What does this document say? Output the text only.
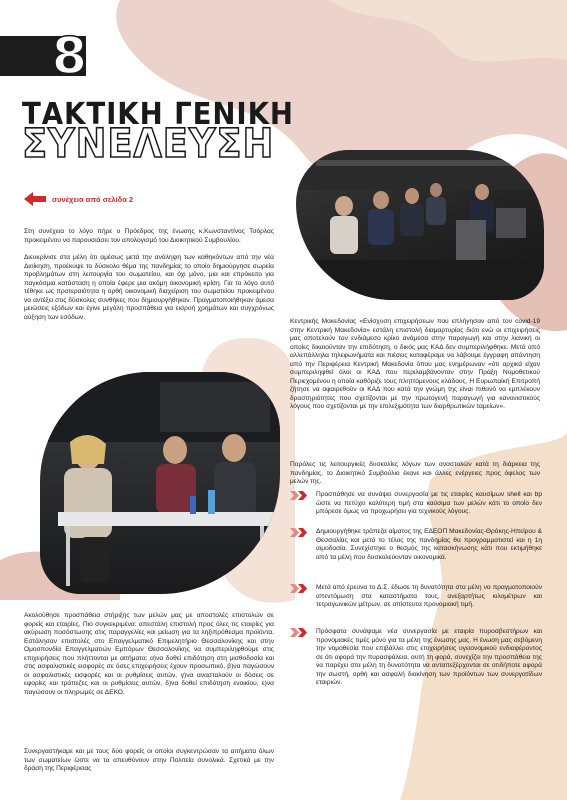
8
ΤΑΚΤΙΚΗ ΓΕΝΙΚΗ
ΣΥΝΕΛΕΥΣΗ
συνέχεια από σελίδα 2
Στη συνέχεια το λόγο πήρε ο Πρόεδρος της ένωσης κ.Κωνσταντίνος Τσόρλας προκειμένου να παρουσιάσει τον απολογισμό του Διοικητικού Συμβουλίου.
Διευκρίνισε στα μέλη ότι αμέσως μετά την ανάληψη των καθηκόντων από την νέα Διοίκηση, προέκυψε το δύσκολο θέμα της πανδημίας το οποίο δημιούργησε σωρεία προβλημάτων στη λειτουργία του σωματείου, και όχι μόνο, μια και επρόκειτο για παγκόσμια κατάσταση η οποία έφερε μια ακόμη οικονομική κρίση. Για το λόγο αυτό τέθηκε ως προτεραιότητα η ορθή οικονομική διαχείριση του σωματείου προκειμένου να αντέξει στις δύσκολες συνθήκες που δημιουργήθηκαν. Πραγματοποιήθηκαν άμεσα μειώσεις εξόδων και έγινε μεγάλη προσπάθεια για εισροή χρημάτων και συγχρόνως αύξηση των εσόδων.
Κεντρικής Μακεδονίας «Ενίσχυση επιχειρήσεων που επλήγησαν από τον covid-19 στην Κεντρική Μακεδονία» εστάλη επιστολή διαμαρτυρίας διότι ενώ οι επιχειρήσεις μας αποτελούν τον ενδιάμεσο κρίκο ανάμεσα στην παραγωγή και στην λιανική οι οποίες δικαιούνταν την επιδότηση, ο δικός μας ΚΑΔ δεν συμπεριλήφθηκε. Μετά από αλλεπάλληλα τηλεφωνήματα και πιέσεις καταφέραμε να λάβουμε έγγραφη απάντηση από την Περιφέρεια Κεντρική Μακεδονία όπου μας ενημέρωναν «ότι αρχικά είχαν συμπεριληφθεί όλοι οι ΚΑΔ που περιλαμβάνονταν στην Πράξη Νομοθετικού Περιεχομένου η οποία καθόριζε τους πληττόμενους κλάδους. Η Ευρωπαϊκή Επιτροπή ζήτησε να αφαιρεθούν οι ΚΑΔ που κατά την γνώμη της είναι πιθανό να εμπλέκουν δραστηριότητες που σχετίζονται με την πρωτογενή παραγωγή για κανονιστικούς λόγους που σχετίζονται με την επιλεξιμότητα των διαρθρωτικών ταμείων».
Παρόλες τις λειτουργικές δυσκολίες λόγων των αναστολών κατά τη διάρκεια της πανδημίας, το Διοικητικό Συμβούλιο έκανε και άλλες ενέργειες προς όφελος των μελών της.
Προσπάθησε να συνάψει συνεργασία με τις εταιρίες καυσίμων shell και bp ώστε να πετύχει καλύτερη τιμή στα καύσιμα των μελών κάτι το οποίο δεν μπόρεσε όμως να προχωρήσει για τεχνικούς λόγους.
Δημιουργήθηκε τράπεζα αίματος της ΕΔΕΟΠ Μακεδονίας-Θράκης-Ηπείρου & Θεσσαλίας και μετά το τέλος της πανδημίας θα προγραμματιστεί και η 1η αιμοδοσία. Συνεχίστηκε ο θεσμός της κατασκήνωσης κάτι που εκτιμήθηκε από τα μέλη που δυσκολεύονταν οικονομικά.
Μετά από έρευνα το Δ.Σ. έδωσε τη δυνατότητα στα μέλη να πραγματοποιούν απεντόμωση στα καταστήματα τους, ανεξαρτήτως κιλομέτρων και τετραγωνικών μέτρων, σε απίστευτα προνομιακή τιμή.
Πρόσφατα συνάψαμε νέα συνεργασία με εταιρία πυροσβεστήρων και προνομιακές τιμές μόνο για τα μέλη της ένωσης μας. Η ένωση μας σεβόμενη την νομοθεσία που επιβάλλει στις επιχειρήσεις υγειονομικού ενδιαφέροντος σε ότι αφορά την πυρασφάλεια, αυτή τη φορά, συνεχίζει την προσπάθεια της να παρέχει στα μέλη τη δυνατότητα να ανταπεξέρχονται σε οτιδήποτε αφορά την σωστή, ορθή και ασφαλή διακίνηση των προϊόντων των συνεργατίδων εταιριών.
Ακολούθησε προσπάθεια στήριξης των μελών μας με αποστολές επιστολών σε φορείς και εταιρίες. Πιο συγκεκριμένα: απεστάλη επιστολή προς όλες τις εταιρίες για ακύρωση ποσόστωσης στις παραγγελίες και μείωση για τα ληξιπρόθεσμα προϊόντα. Εστάλησαν επιστολές στο Επαγγελματικό Επιμελητήριο Θεσσαλονίκης και στην Ομοσπονδία Επαγγελματιών Εμπόρων Θεσσαλονίκης να συμπεριληφθούμε στις επιχειρήσεις που πλήττονται με αιτήματα: α)να δοθεί επιδότηση στη μισθοδοσία και στις ασφαλιστικές εισφορές σε όσες επιχειρήσεις έχουν προσωπικό, β)να παγώσουν οι ασφαλιστικές εισφορές και οι ρυθμίσεις αυτών, γ)να ανασταλούν οι δόσεις σε εφορίες και τράπεζες και οι ρυθμίσεις αυτών, δ)να δοθεί επιδότηση ενοικίου, ε)να παγώσουν οι πληρωμές σε ΔΕΚΟ.
Συνεργαστήκαμε και με τους δύο φορείς οι οποίοι συγκεντρώσαν τα αιτήματα όλων των σωματείων ώστε να τα απευθύνουν στην Πολιτεία συνολικά. Σχετικά με την δράση της Περιφέρειας
